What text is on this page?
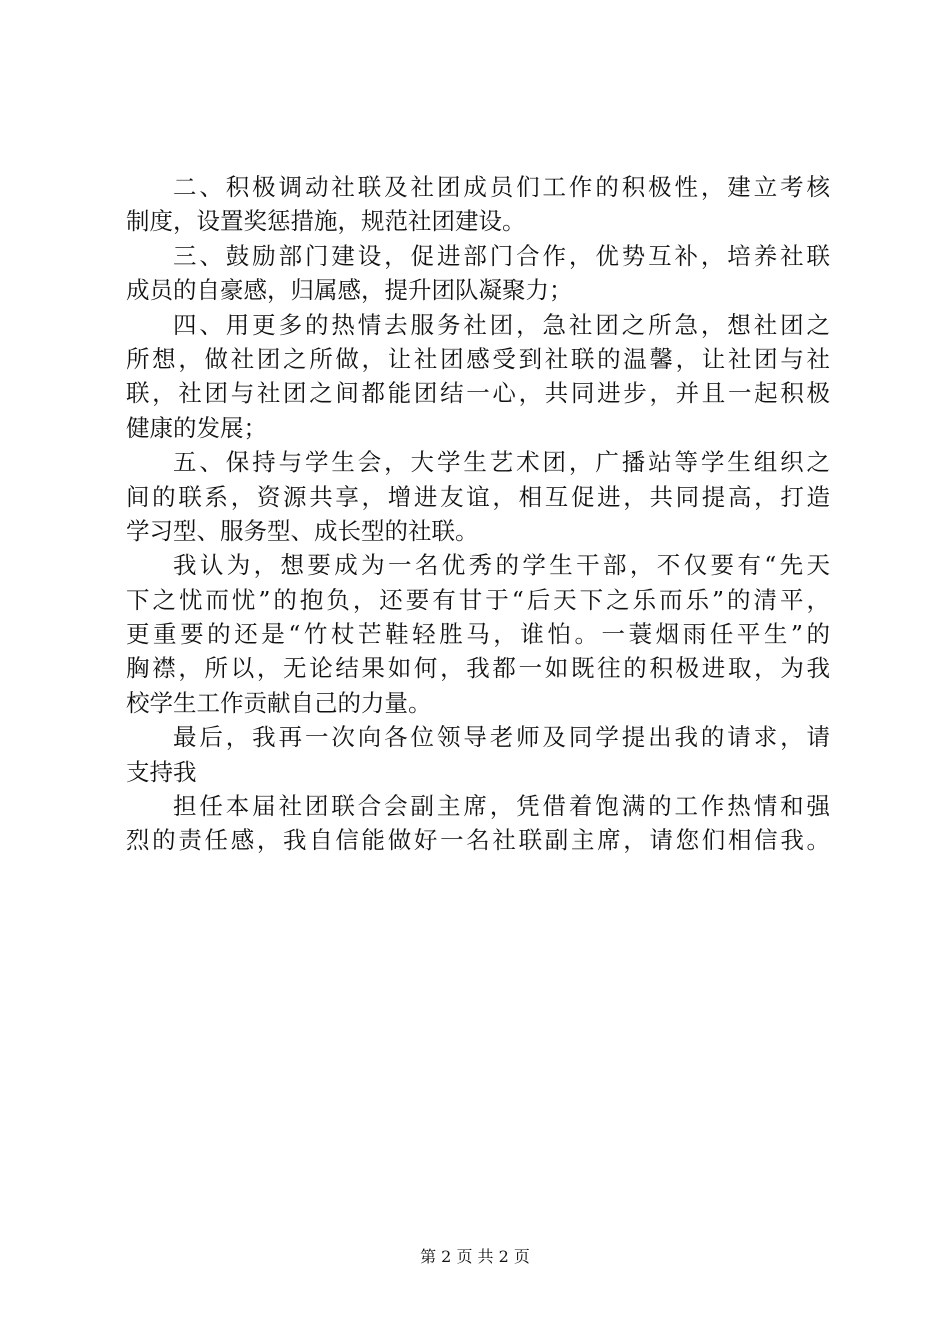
二、积极调动社联及社团成员们工作的积极性，建立考核
制度，设置奖惩措施，规范社团建设。
三、鼓励部门建设，促进部门合作，优势互补，培养社联
成员的自豪感，归属感，提升团队凝聚力；
四、用更多的热情去服务社团，急社团之所急，想社团之
所想，做社团之所做，让社团感受到社联的温馨，让社团与社
联，社团与社团之间都能团结一心，共同进步，并且一起积极
健康的发展；
五、保持与学生会，大学生艺术团，广播站等学生组织之
间的联系，资源共享，增进友谊，相互促进，共同提高，打造
学习型、服务型、成长型的社联。
我认为，想要成为一名优秀的学生干部，不仅要有“先天
下之忧而忧”的抱负，还要有甘于“后天下之乐而乐”的清平，
更重要的还是“竹杖芒鞋轻胜马，谁怕。一蓑烟雨任平生”的
胸襟，所以，无论结果如何，我都一如既往的积极进取，为我
校学生工作贡献自己的力量。
最后，我再一次向各位领导老师及同学提出我的请求，请
支持我
担任本届社团联合会副主席，凭借着饱满的工作热情和强
烈的责任感，我自信能做好一名社联副主席，请您们相信我。
第 2 页 共 2 页
